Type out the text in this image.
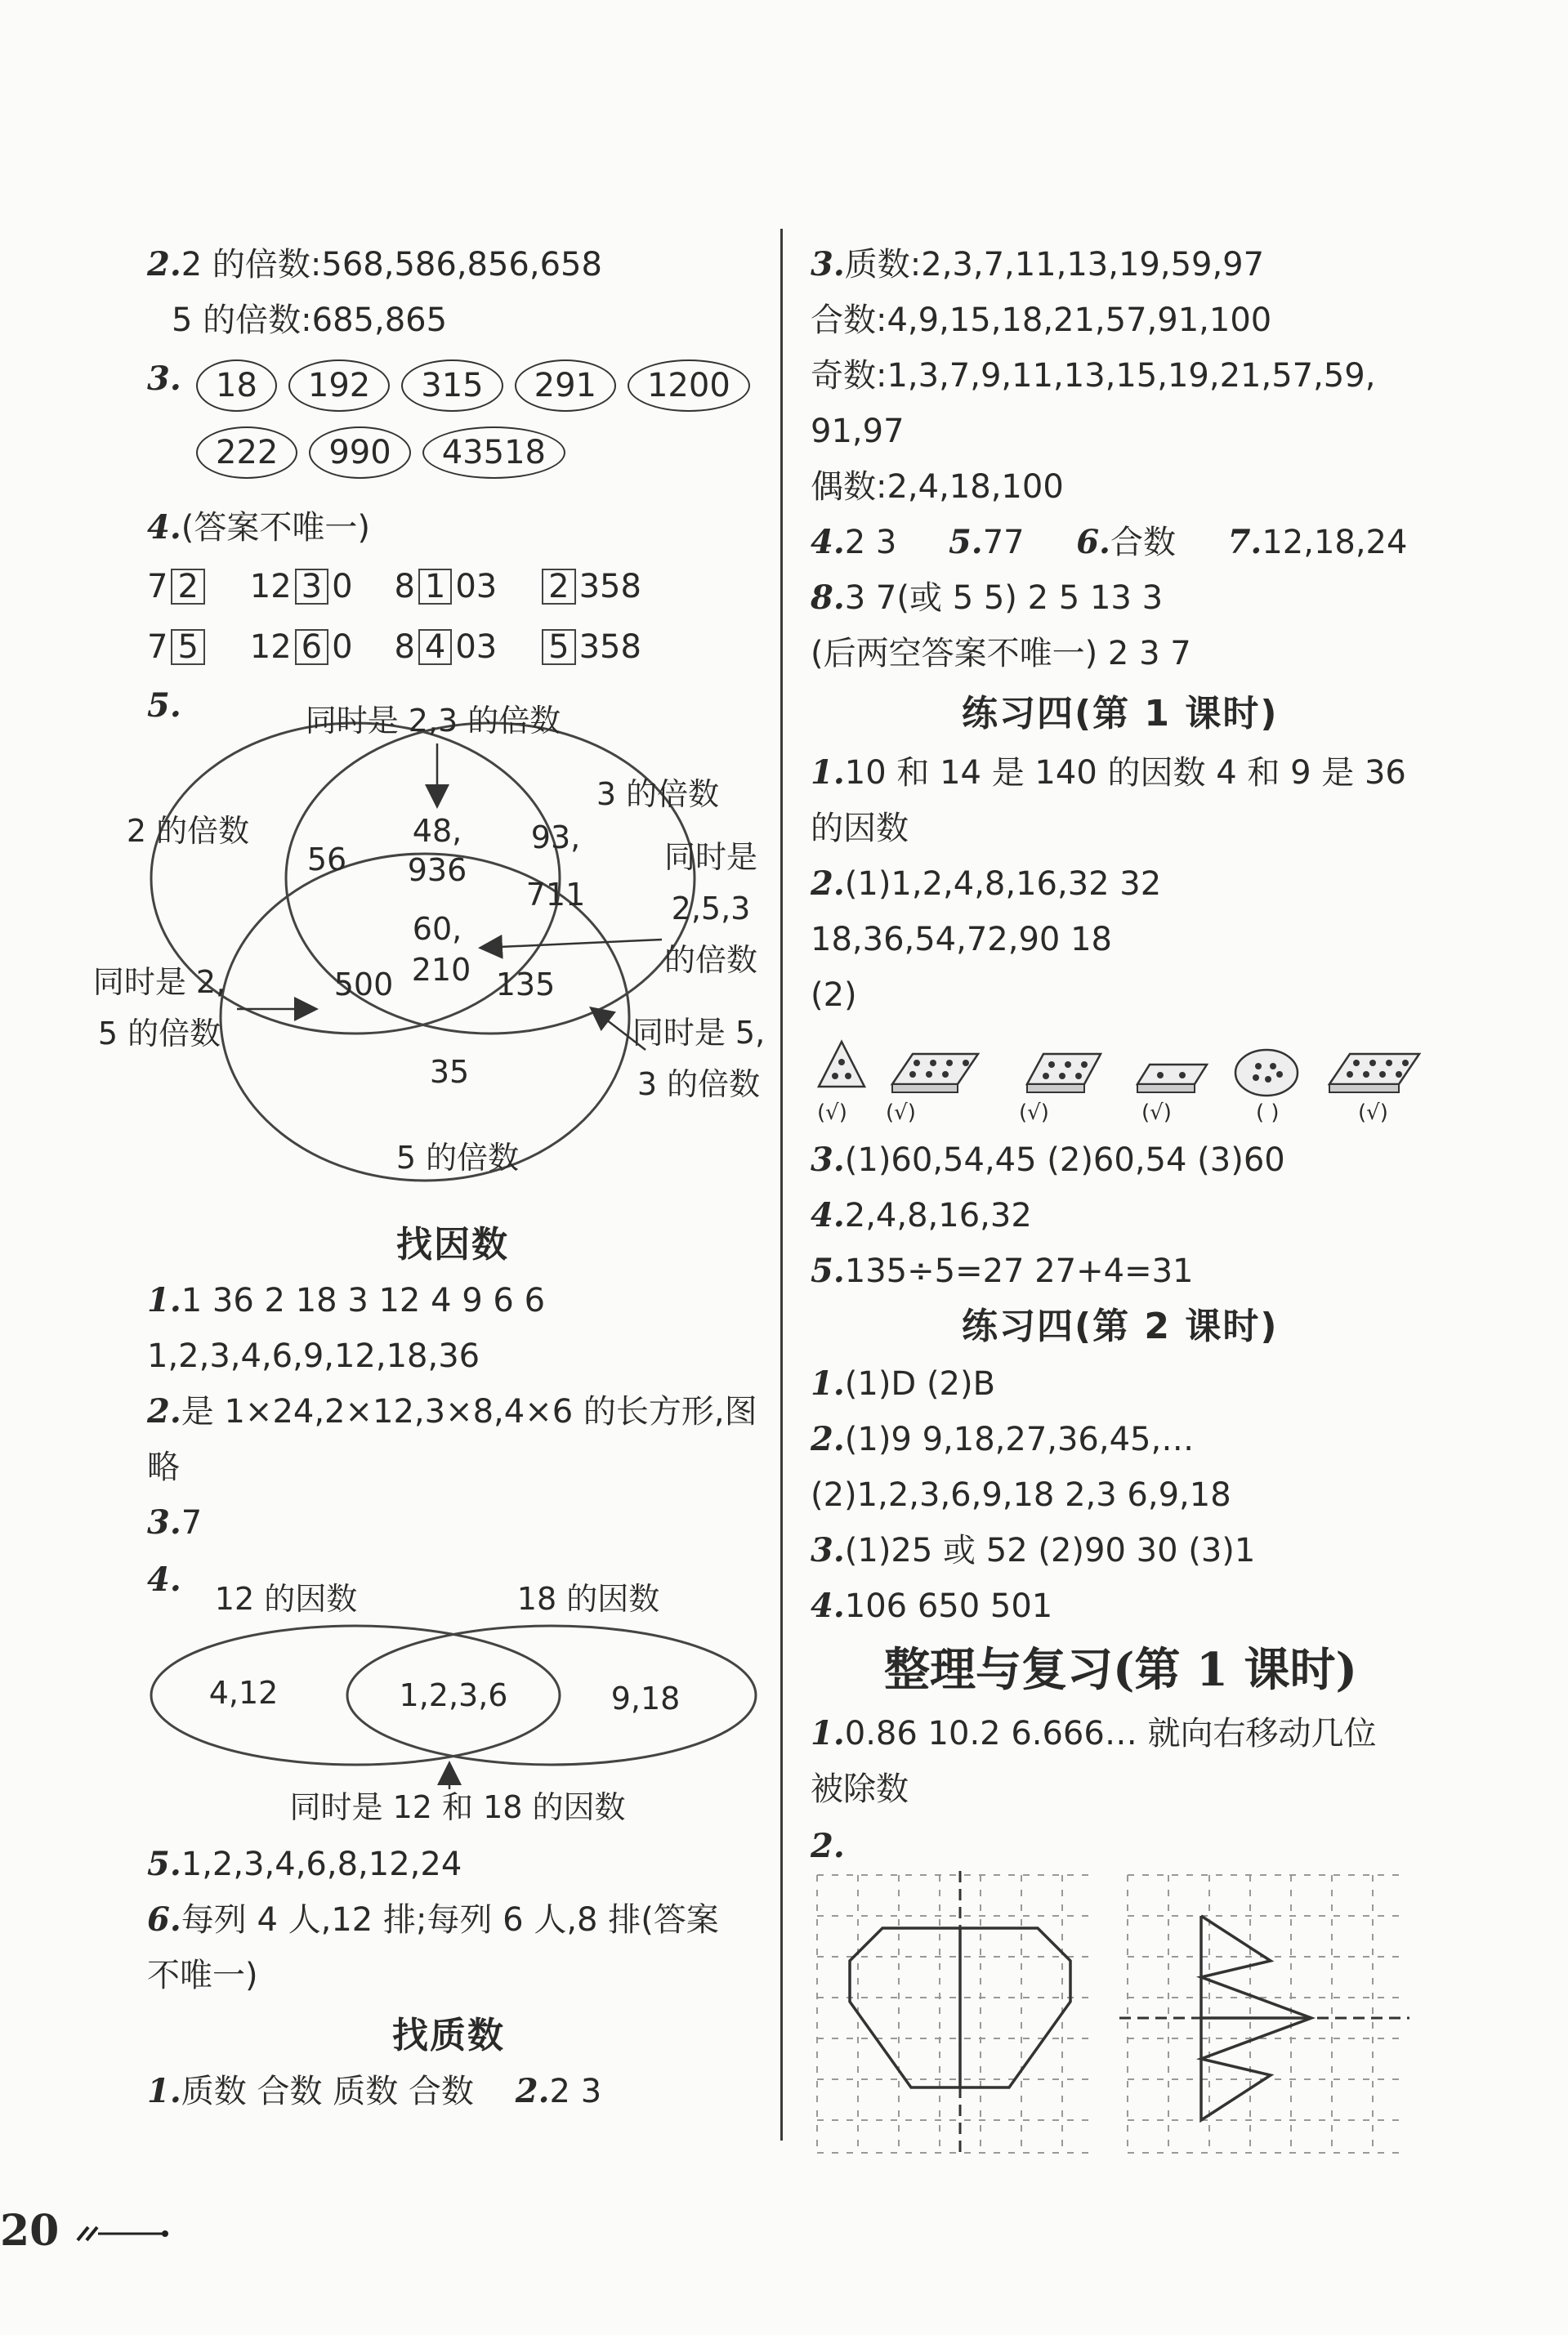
2.2 的倍数:568,586,856,658
5 的倍数:685,865
3.	18	192	315	291	1200
222	990	43518
4.(答案不唯一)
7 2 12 3 0 8 1 03 2 358
7 5 12 6 0 8 4 03 5 358
5.	同时是 2,3 的倍数
2 的倍数
3 的倍数
同时是
2,5,3
的倍数
同时是 2,
5 的倍数	同时是 5,
3 的倍数
56
48,
936
93,
711
60,
210
500	135
35
5 的倍数
找因数
1.1 36 2 18 3 12 4 9 6 6
1,2,3,4,6,9,12,18,36
2.是 1×24,2×12,3×8,4×6 的长方形,图
略
3.7
4. 12 的因数	18 的因数
4,12	1,2,3,6	9,18
同时是 12 和 18 的因数
5.1,2,3,4,6,8,12,24
6.每列 4 人,12 排;每列 6 人,8 排(答案
不唯一)
找质数
1.质数 合数 质数 合数 2.2 3
3.质数:2,3,7,11,13,19,59,97
合数:4,9,15,18,21,57,91,100
奇数:1,3,7,9,11,13,15,19,21,57,59,
91,97
偶数:2,4,18,100
4.2 3 5.77 6.合数 7.12,18,24
8.3 7(或 5 5) 2 5 13 3
(后两空答案不唯一) 2 3 7
练习四(第 1 课时)
1.10 和 14 是 140 的因数 4 和 9 是 36
的因数
2.(1)1,2,4,8,16,32 32
18,36,54,72,90 18
(2)
(√) (√)	(√)	(√)	( )	(√)
3.(1)60,54,45 (2)60,54 (3)60
4.2,4,8,16,32
5.135÷5=27 27+4=31
练习四(第 2 课时)
1.(1)D (2)B
2.(1)9 9,18,27,36,45,…
(2)1,2,3,6,9,18 2,3 6,9,18
3.(1)25 或 52 (2)90 30 (3)1
4.106 650 501
整理与复习(第 1 课时)
1.0.86 10.2 6.666… 就向右移动几位
被除数
2.
20
